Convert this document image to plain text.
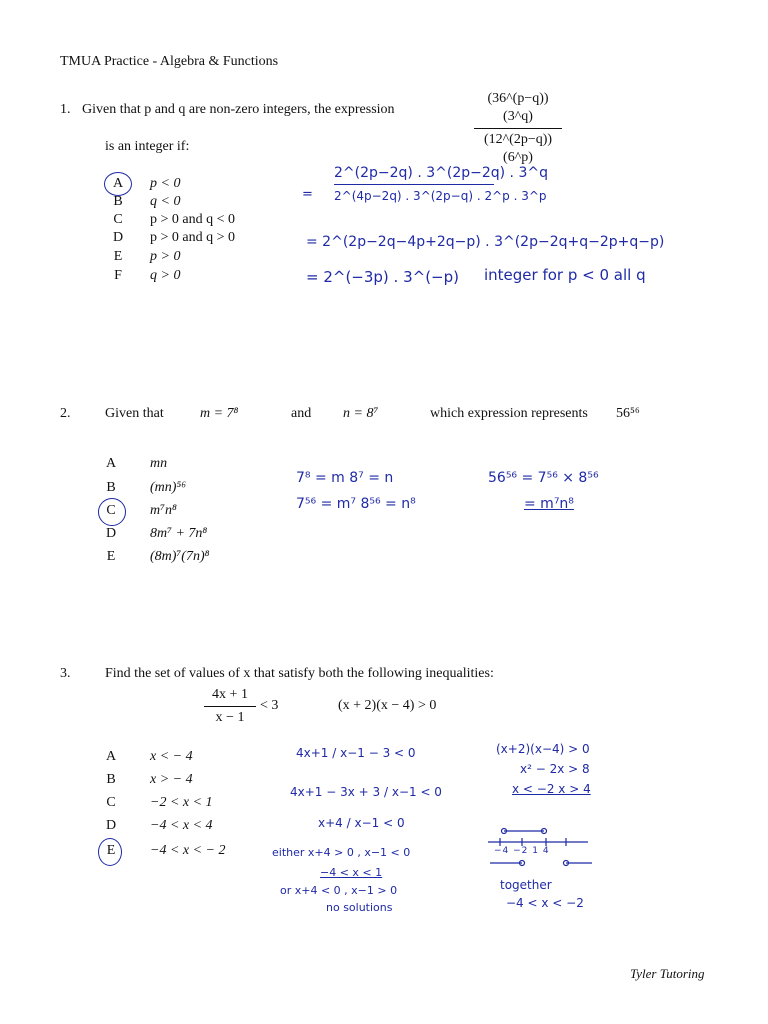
TMUA Practice - Algebra & Functions
1. Given that p and q are non-zero integers, the expression
(36^(p−q))(3^q)
(12^(2p−q))(6^p)
is an integer if:
A p < 0
B q < 0
C p > 0 and q < 0
D p > 0 and q > 0
E p > 0
F q > 0
=
2^(2p−2q) . 3^(2p−2q) . 3^q
2^(4p−2q) . 3^(2p−q) . 2^p . 3^p
= 2^(2p−2q−4p+2q−p) . 3^(2p−2q+q−2p+q−p)
= 2^(−3p) . 3^(−p) integer for p < 0 all q
2. Given that	m = 7⁸	and n = 8⁷	which expression represents 56⁵⁶
A mn
B (mn)⁵⁶
C m⁷n⁸
D 8m⁷ + 7n⁸
E (8m)⁷(7n)⁸
7⁸ = m 8⁷ = n
7⁵⁶ = m⁷ 8⁵⁶ = n⁸
56⁵⁶ = 7⁵⁶ × 8⁵⁶
= m⁷n⁸
3. Find the set of values of x that satisfy both the following inequalities:
4x + 1
x − 1
< 3	(x + 2)(x − 4) > 0
A x < − 4
B x > − 4
C −2 < x < 1
D −4 < x < 4
E −4 < x < − 2
4x+1 / x−1 − 3 < 0
4x+1 − 3x + 3 / x−1 < 0
x+4 / x−1 < 0
either x+4 > 0 , x−1 < 0
−4 < x < 1
or x+4 < 0 , x−1 > 0
no solutions
(x+2)(x−4) > 0
x² − 2x > 8
x < −2 x > 4
−4 −2 1 4
together
−4 < x < −2
Tyler Tutoring
